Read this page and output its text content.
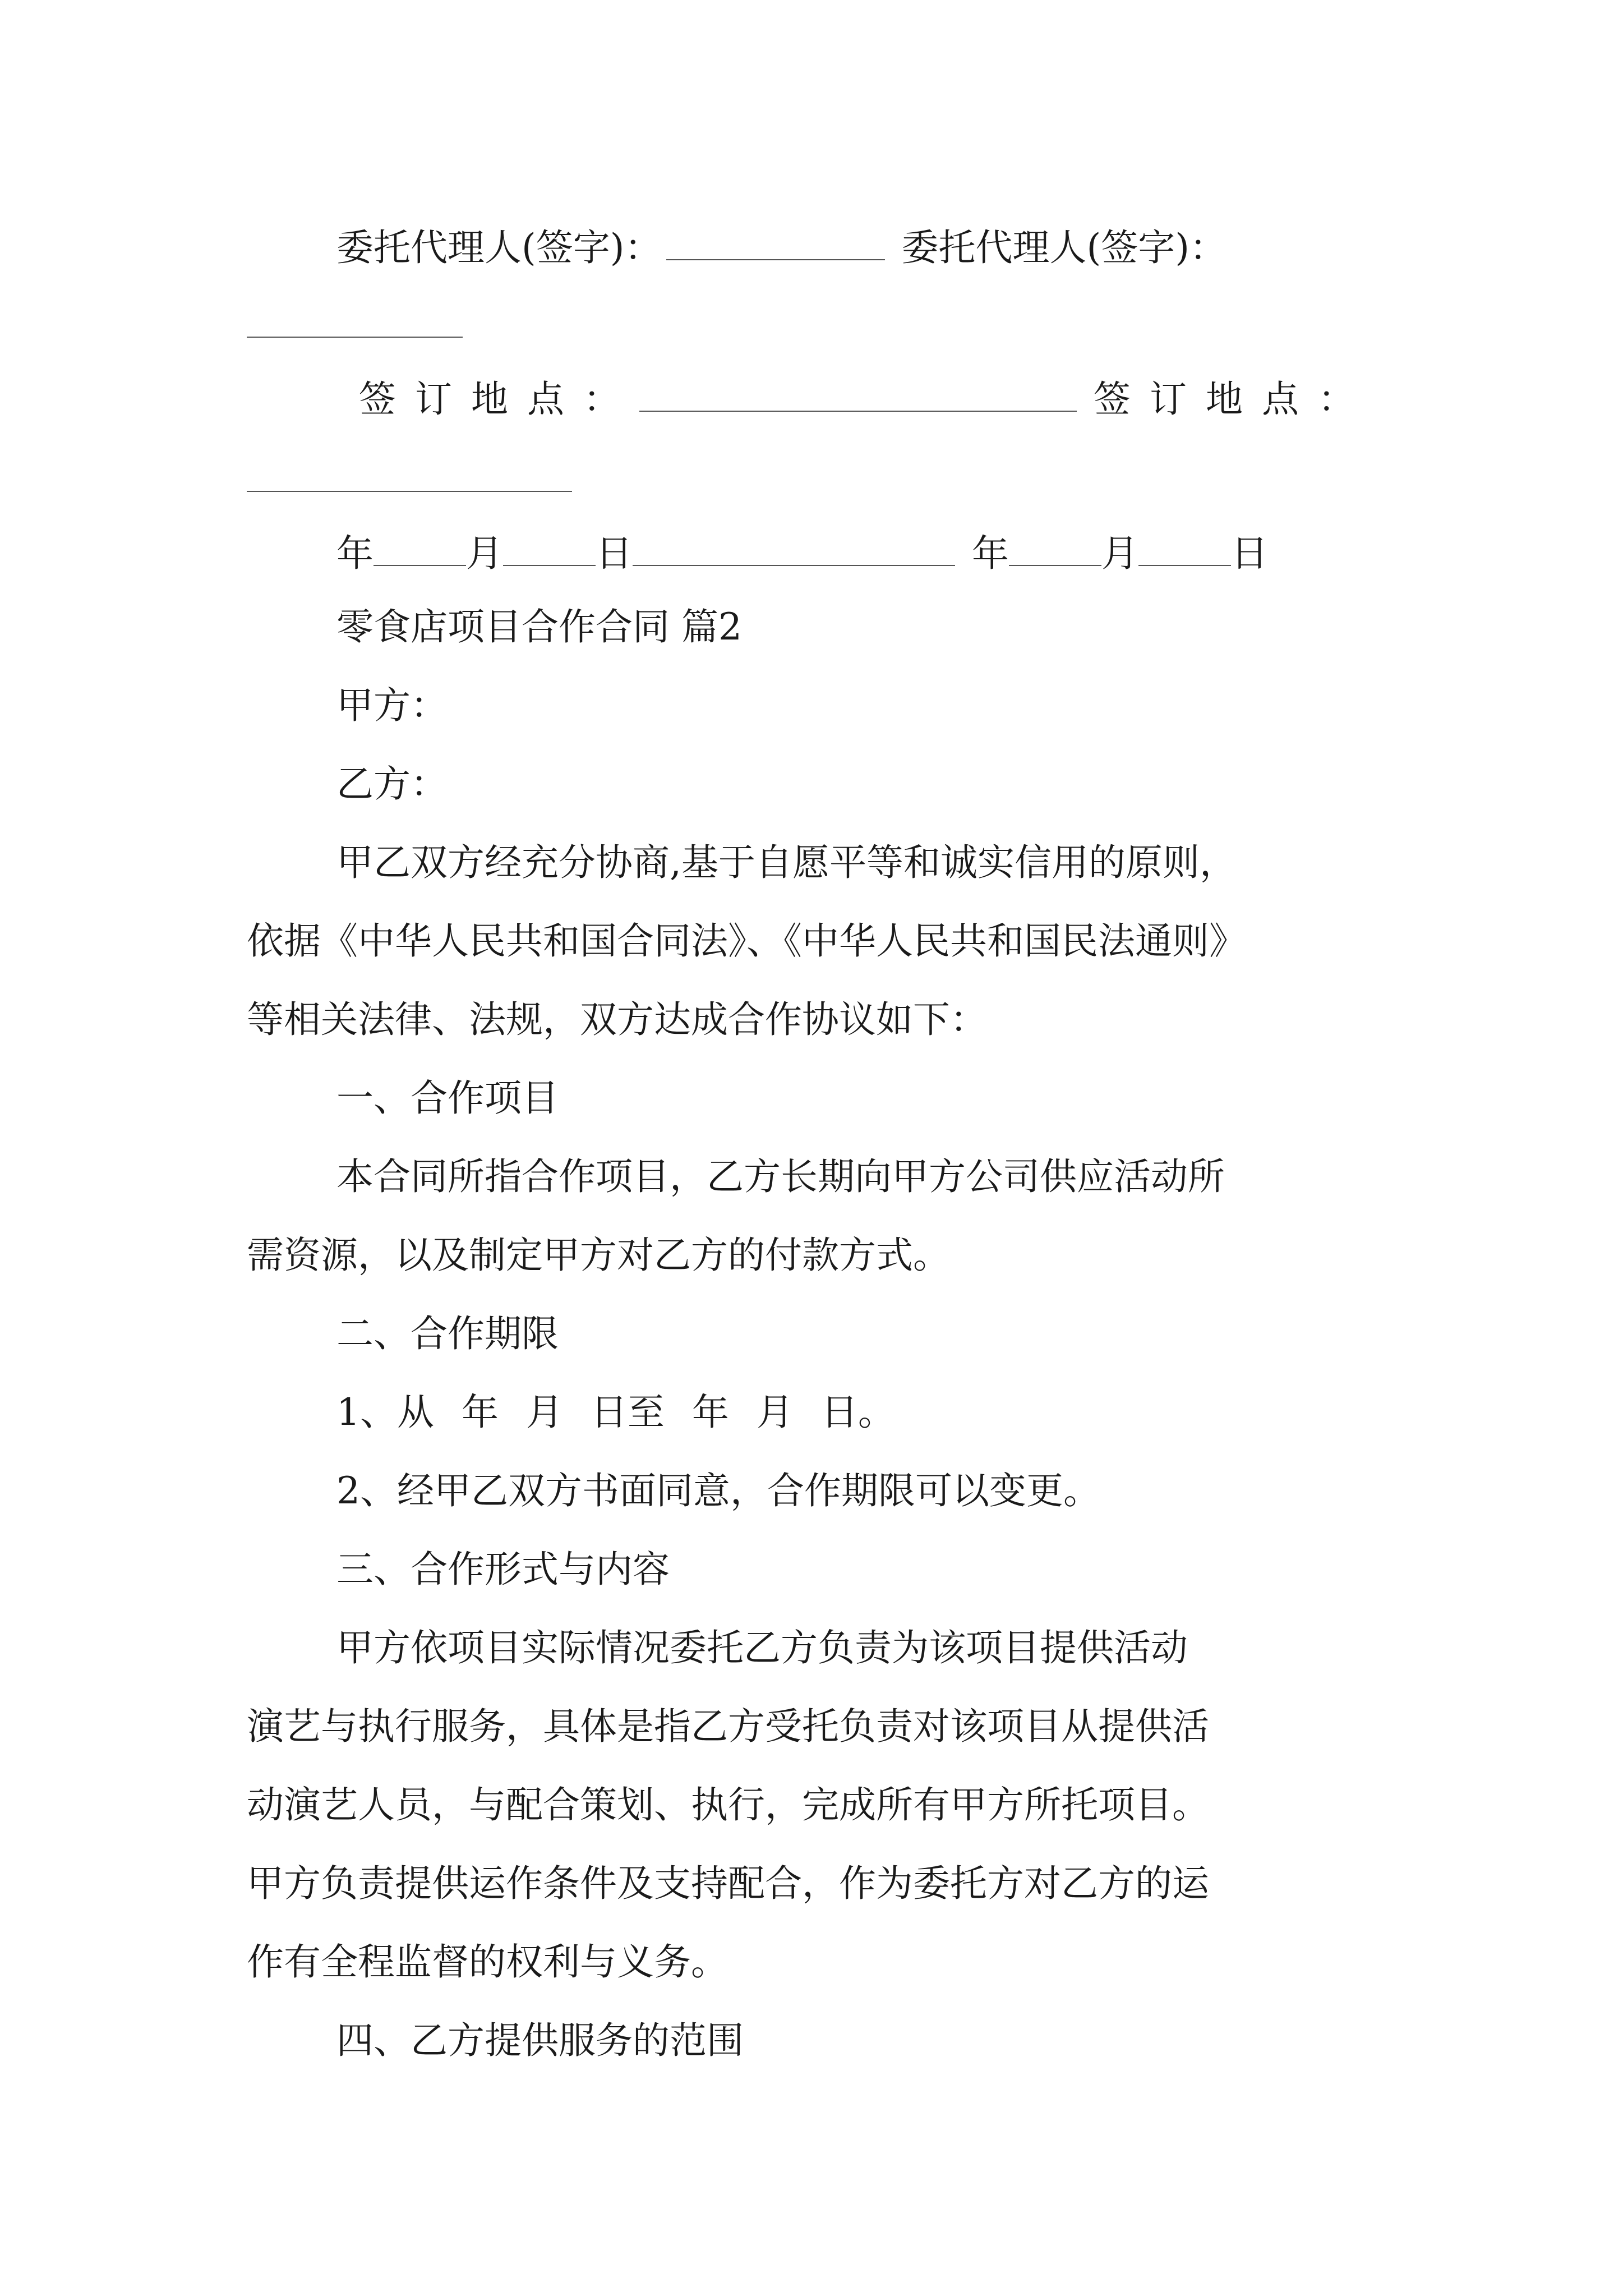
委托代理人(签字)：	委托代理人(签字)：
签订地点：	签订地点：
年	月	日	年	月	日
零食店项目合作合同 篇2
甲方：
乙方：
甲乙双方经充分协商,基于自愿平等和诚实信用的原则，
依据《中华人民共和国合同法》、《中华人民共和国民法通则》
等相关法律、法规，双方达成合作协议如下：
一、合作项目
本合同所指合作项目，乙方长期向甲方公司供应活动所
需资源，以及制定甲方对乙方的付款方式。
二、合作期限
1、从 年 月 日至 年 月 日。
2、经甲乙双方书面同意，合作期限可以变更。
三、合作形式与内容
甲方依项目实际情况委托乙方负责为该项目提供活动
演艺与执行服务，具体是指乙方受托负责对该项目从提供活
动演艺人员，与配合策划、执行，完成所有甲方所托项目。
甲方负责提供运作条件及支持配合，作为委托方对乙方的运
作有全程监督的权利与义务。
四、乙方提供服务的范围
